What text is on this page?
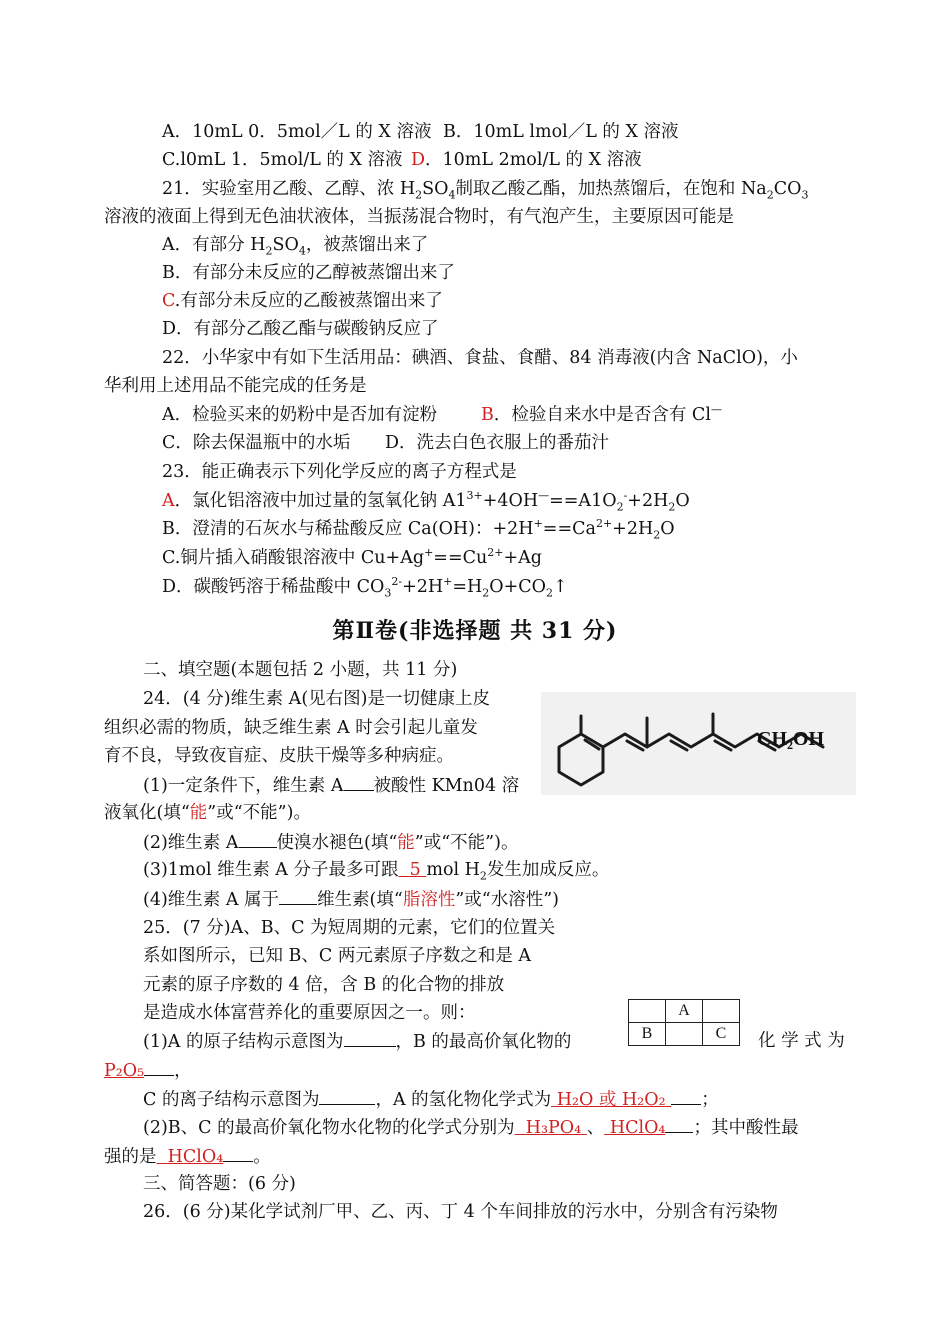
A．10mL 0．5mol／L 的 X 溶液 B．10mL lmol／L 的 X 溶液
C.l0mL 1．5mol/L 的 X 溶液 D．10mL 2mol/L 的 X 溶液
21．实验室用乙酸、乙醇、浓 $H_2SO_4$制取乙酸乙酯，加热蒸馏后，在饱和 $Na_2CO_3$
溶液的液面上得到无色油状液体，当振荡混合物时，有气泡产生，主要原因可能是
A．有部分 $H_2SO_4$，被蒸馏出来了
B．有部分未反应的乙醇被蒸馏出来了
C.有部分未反应的乙酸被蒸馏出来了
D．有部分乙酸乙酯与碳酸钠反应了
22．小华家中有如下生活用品：碘酒、食盐、食醋、84 消毒液(内含 NaClO)，小
华利用上述用品不能完成的任务是
A．检验买来的奶粉中是否加有淀粉	B．检验自来水中是否含有 Cl—
C．除去保温瓶中的水垢 D．洗去白色衣服上的番茄汁
23．能正确表示下列化学反应的离子方程式是
A．氯化铝溶液中加过量的氢氧化钠 $A1^{3+}+4OH^—==A1O_2^-+2H_2O$
B．澄清的石灰水与稀盐酸反应 Ca(OH)：$+2H^+==Ca^{2+}+2H_2O$
C.铜片插入硝酸银溶液中 $Cu+Ag^+==Cu^{2+}+Ag$
D．碳酸钙溶于稀盐酸中 $CO_3^{2-}+2H^+=H_2O+CO_2↑$
第Ⅱ卷(非选择题 共 31 分)
二、填空题(本题包括 2 小题，共 11 分)
24．(4 分)维生素 A(见右图)是一切健康上皮
组织必需的物质，缺乏维生素 A 时会引起儿童发
育不良，导致夜盲症、皮肤干燥等多种病症。
(1)一定条件下，维生素 A 被酸性 KMn04 溶
液氧化(填“能”或“不能”)。
(2)维生素 A 使溴水褪色(填“能”或“不能”)。
(3)1mol 维生素 A 分子最多可跟 5 mol $H_2$发生加成反应。
(4)维生素 A 属于 维生素(填“脂溶性”或“水溶性”)
CH₂OH
25．(7 分)A、B、C 为短周期的元素，它们的位置关
系如图所示，已知 B、C 两元素原子序数之和是 A
元素的原子序数的 4 倍，含 B 的化合物的排放
是造成水体富营养化的重要原因之一。则：
		A	
B		C
(1)A 的原子结构示意图为	，B 的最高价氧化物的	化 学 式 为
P₂O₅ ，
C 的离子结构示意图为	，A 的氢化物化学式为 H₂O 或 H₂O₂ ；
(2)B、C 的最高价氧化物水化物的化学式分别为 H₃PO₄ 、 HClO₄ ；其中酸性最
强的是 HClO₄ 。
三、简答题：(6 分)
26．(6 分)某化学试剂厂甲、乙、丙、丁 4 个车间排放的污水中，分别含有污染物
